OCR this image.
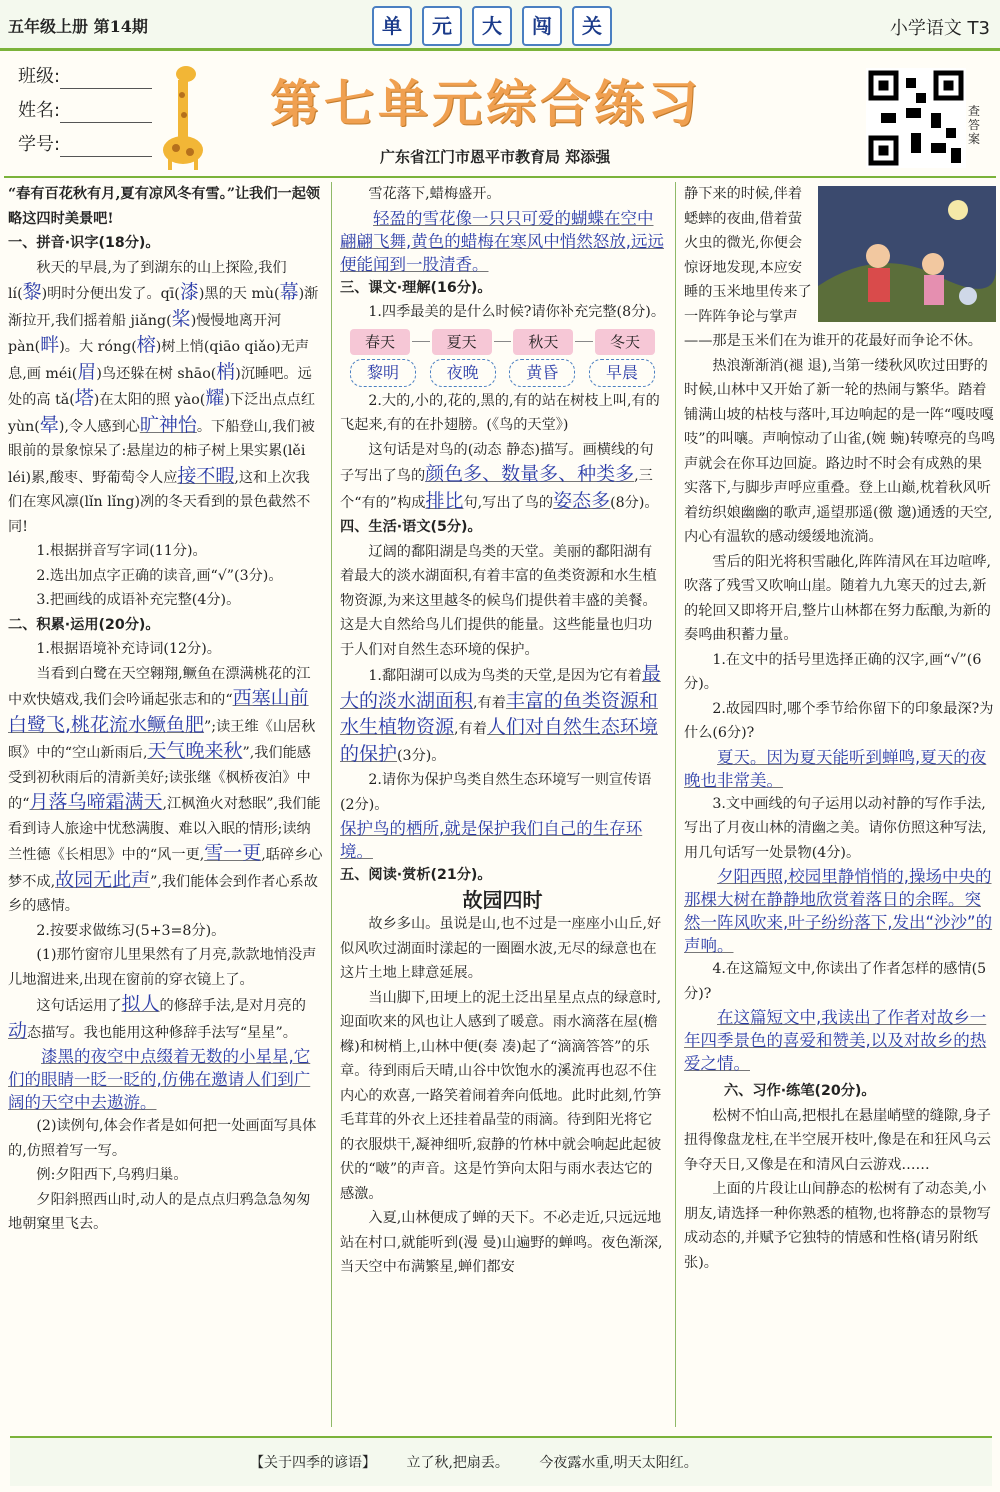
五年级上册 第14期	单	元	大	闯	关	小学语文 T3
班级:
姓名:
学号:
第七单元综合练习
广东省江门市恩平市教育局 郑添强
查答案

“春有百花秋有月,夏有凉风冬有雪。”让我们一起领略这四时美景吧!

一、拼音·识字(18分)。

秋天的早晨,为了到湖东的山上探险,我们 lí(黎)明时分便出发了。qī(漆)黑的天 mù(幕)渐渐拉开,我们摇着船 jiǎng(桨)慢慢地离开河 pàn(畔)。大 róng(榕)树上悄(qiāo qiǎo)无声息,画 méi(眉)鸟还躲在树 shāo(梢)沉睡吧。远处的高 tǎ(塔)在太阳的照 yào(耀)下泛出点点红 yùn(晕),令人感到心旷神怡。下船登山,我们被眼前的景象惊呆了:悬崖边的柿子树上果实累(lěi léi)累,酸枣、野葡萄令人应接不暇,这和上次我们在寒风凛(lǐn lǐng)冽的冬天看到的景色截然不同!

1.根据拼音写字词(11分)。

2.选出加点字正确的读音,画“√”(3分)。

3.把画线的成语补充完整(4分)。

二、积累·运用(20分)。

1.根据语境补充诗词(12分)。

当看到白鹭在天空翱翔,鳜鱼在漂满桃花的江中欢快嬉戏,我们会吟诵起张志和的“西塞山前白鹭飞,桃花流水鳜鱼肥”;读王维《山居秋暝》中的“空山新雨后,天气晚来秋”,我们能感受到初秋雨后的清新美好;读张继《枫桥夜泊》中的“月落乌啼霜满天,江枫渔火对愁眠”,我们能看到诗人旅途中忧愁满腹、难以入眠的情形;读纳兰性德《长相思》中的“风一更,雪一更,聒碎乡心梦不成,故园无此声”,我们能体会到作者心系故乡的感情。

2.按要求做练习(5+3=8分)。

(1)那竹窗帘儿里果然有了月亮,款款地悄没声儿地溜进来,出现在窗前的穿衣镜上了。

这句话运用了拟人的修辞手法,是对月亮的动态描写。我也能用这种修辞手法写“星星”。

漆黑的夜空中点缀着无数的小星星,它们的眼睛一眨一眨的,仿佛在邀请人们到广阔的天空中去遨游。

(2)读例句,体会作者是如何把一处画面写具体的,仿照着写一写。

例:夕阳西下,乌鸦归巢。

夕阳斜照西山时,动人的是点点归鸦急急匆匆地朝窠里飞去。

雪花落下,蜡梅盛开。

轻盈的雪花像一只只可爱的蝴蝶在空中翩翩飞舞,黄色的蜡梅在寒风中悄然怒放,远远便能闻到一股清香。

三、课文·理解(16分)。

1.四季最美的是什么时候?请你补充完整(8分)。

春天	夏天	秋天	冬天
黎明	夜晚	黄昏	早晨

2.大的,小的,花的,黑的,有的站在树枝上叫,有的飞起来,有的在扑翅膀。(《鸟的天堂》)

这句话是对鸟的(动态 静态)描写。画横线的句子写出了鸟的颜色多、数量多、种类多,三个“有的”构成排比句,写出了鸟的姿态多(8分)。

四、生活·语文(5分)。

辽阔的鄱阳湖是鸟类的天堂。美丽的鄱阳湖有着最大的淡水湖面积,有着丰富的鱼类资源和水生植物资源,为来这里越冬的候鸟们提供着丰盛的美餐。这是大自然给鸟儿们提供的能量。这些能量也归功于人们对自然生态环境的保护。

1.鄱阳湖可以成为鸟类的天堂,是因为它有着最大的淡水湖面积,有着丰富的鱼类资源和水生植物资源,有着人们对自然生态环境的保护(3分)。

2.请你为保护鸟类自然生态环境写一则宣传语(2分)。

保护鸟的栖所,就是保护我们自己的生存环境。

五、阅读·赏析(21分)。

故园四时

故乡多山。虽说是山,也不过是一座座小山丘,好似风吹过湖面时漾起的一圈圈水波,无尽的绿意也在这片土地上肆意延展。

当山脚下,田埂上的泥土泛出星星点点的绿意时,迎面吹来的风也让人感到了暖意。雨水滴落在屋(檐 橼)和树梢上,山林中便(奏 凑)起了“滴滴答答”的乐章。待到雨后天晴,山谷中饮饱水的溪流再也忍不住内心的欢喜,一路笑着闹着奔向低地。此时此刻,竹笋毛茸茸的外衣上还挂着晶莹的雨滴。待到阳光将它的衣服烘干,凝神细听,寂静的竹林中就会响起此起彼伏的“啵”的声音。这是竹笋向太阳与雨水表达它的感激。

入夏,山林便成了蝉的天下。不必走近,只远远地站在村口,就能听到(漫 曼)山遍野的蝉鸣。夜色渐深,当天空中布满繁星,蝉们都安

静下来的时候,伴着蟋蟀的夜曲,借着萤火虫的微光,你便会惊讶地发现,本应安睡的玉米地里传来了一阵阵争论与掌声——那是玉米们在为谁开的花最好而争论不休。

热浪渐渐消(褪 退),当第一缕秋风吹过田野的时候,山林中又开始了新一轮的热闹与繁华。踏着铺满山坡的枯枝与落叶,耳边响起的是一阵“嘎吱嘎吱”的叫嚷。声响惊动了山雀,(婉 蜿)转嘹亮的鸟鸣声就会在你耳边回旋。路边时不时会有成熟的果实落下,与脚步声呼应重叠。登上山巅,枕着秋风听着纺织娘幽幽的歌声,遥望那遥(徼 邈)通透的天空,内心有温软的感动缓缓地流淌。

雪后的阳光将积雪融化,阵阵清风在耳边喧哗,吹落了残雪又吹响山崖。随着九九寒天的过去,新的轮回又即将开启,整片山林都在努力酝酿,为新的奏鸣曲积蓄力量。

1.在文中的括号里选择正确的汉字,画“√”(6分)。

2.故园四时,哪个季节给你留下的印象最深?为什么(6分)?

夏天。因为夏天能听到蝉鸣,夏天的夜晚也非常美。

3.文中画线的句子运用以动衬静的写作手法,写出了月夜山林的清幽之美。请你仿照这种写法,用几句话写一处景物(4分)。

夕阳西照,校园里静悄悄的,操场中央的那棵大树在静静地欣赏着落日的余晖。突然一阵风吹来,叶子纷纷落下,发出“沙沙”的声响。

4.在这篇短文中,你读出了作者怎样的感情(5分)?

在这篇短文中,我读出了作者对故乡一年四季景色的喜爱和赞美,以及对故乡的热爱之情。

六、习作·练笔(20分)。

松树不怕山高,把根扎在悬崖峭壁的缝隙,身子扭得像盘龙柱,在半空展开枝叶,像是在和狂风乌云争夺天日,又像是在和清风白云游戏……

上面的片段让山间静态的松树有了动态美,小朋友,请选择一种你熟悉的植物,也将静态的景物写成动态的,并赋予它独特的情感和性格(请另附纸张)。

【关于四季的谚语】 立了秋,把扇丢。 今夜露水重,明天太阳红。
